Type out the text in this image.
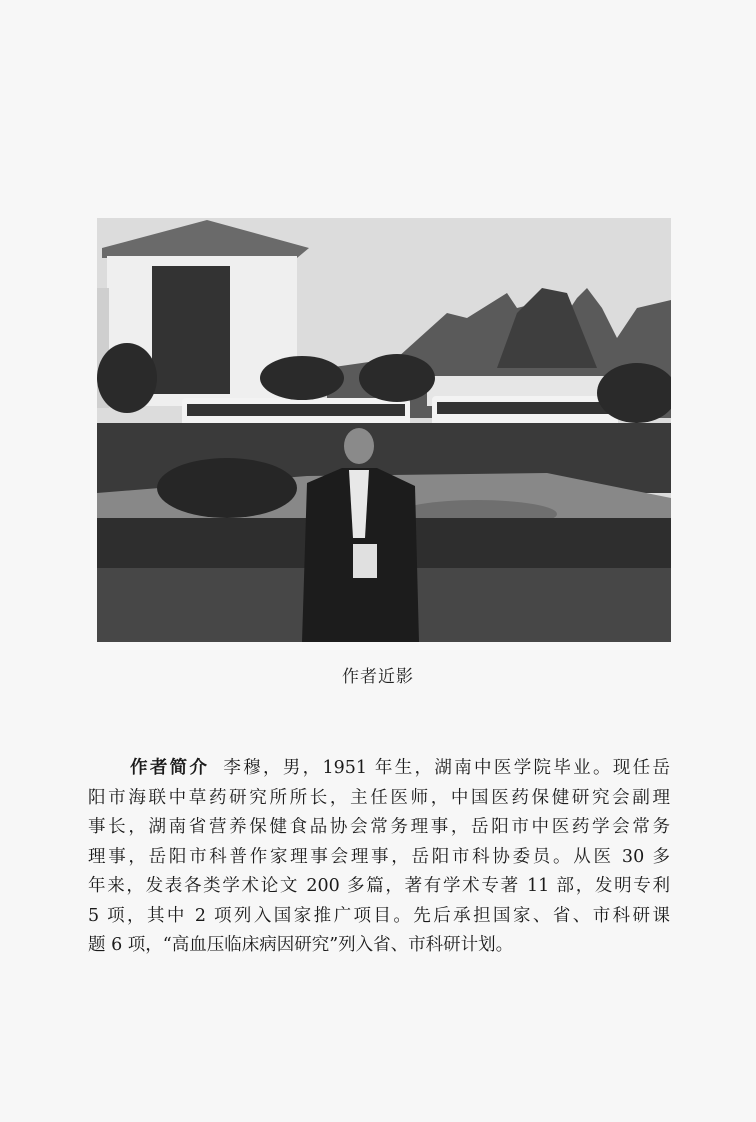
作者近影
作者简介 李穆，男，1951 年生，湖南中医学院毕业。现任岳
阳市海联中草药研究所所长，主任医师，中国医药保健研究会副理
事长，湖南省营养保健食品协会常务理事，岳阳市中医药学会常务
理事，岳阳市科普作家理事会理事，岳阳市科协委员。从医 30 多
年来，发表各类学术论文 200 多篇，著有学术专著 11 部，发明专利
5 项，其中 2 项列入国家推广项目。先后承担国家、省、市科研课
题 6 项，“高血压临床病因研究”列入省、市科研计划。
